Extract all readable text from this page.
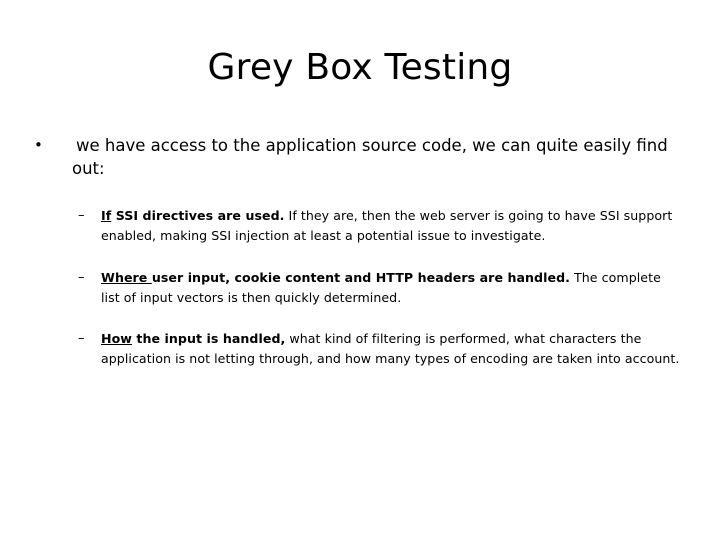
Grey Box Testing
• we have access to the application source code, we can quite easily find out:
– If SSI directives are used. If they are, then the web server is going to have SSI support enabled, making SSI injection at least a potential issue to investigate.
– Where user input, cookie content and HTTP headers are handled. The complete list of input vectors is then quickly determined.
– How the input is handled, what kind of filtering is performed, what characters the application is not letting through, and how many types of encoding are taken into account.
